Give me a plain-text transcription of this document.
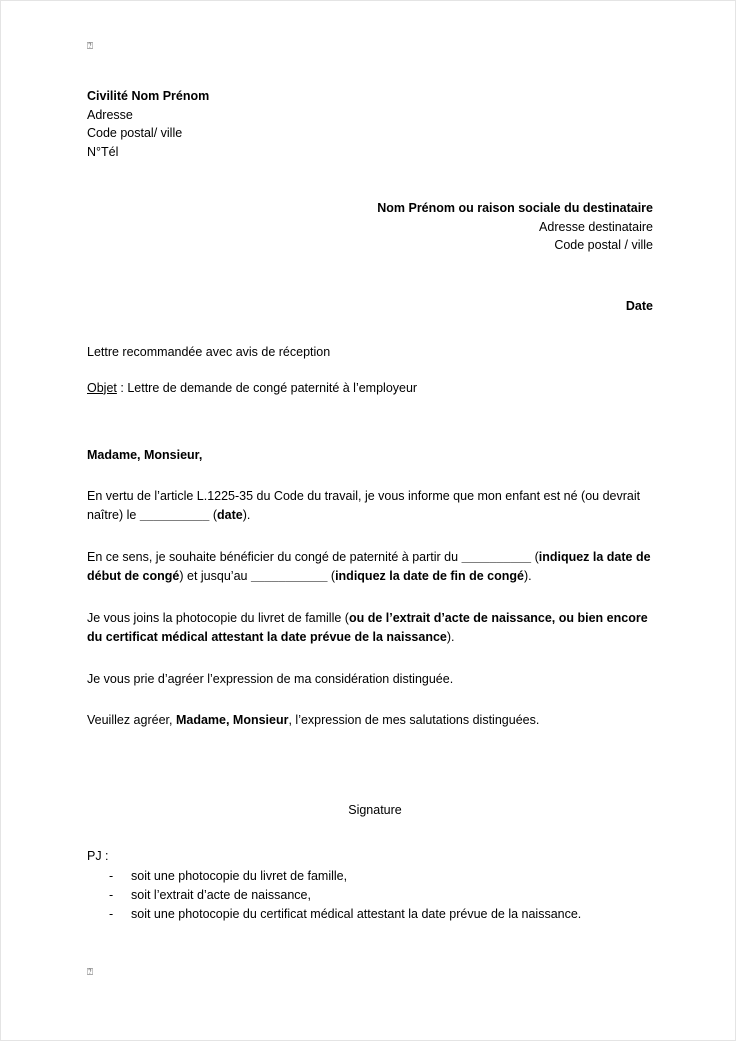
⍰
Civilité Nom Prénom
Adresse
Code postal/ ville
N°Tél
Nom Prénom ou raison sociale du destinataire
Adresse destinataire
Code postal / ville
Date
Lettre recommandée avec avis de réception
Objet : Lettre de demande de congé paternité à l’employeur
Madame, Monsieur,

En vertu de l’article L.1225-35 du Code du travail, je vous informe que mon enfant est né (ou devrait naître) le __________ (date).

En ce sens, je souhaite bénéficier du congé de paternité à partir du __________ (indiquez la date de début de congé) et jusqu’au ___________ (indiquez la date de fin de congé).

Je vous joins la photocopie du livret de famille (ou de l’extrait d’acte de naissance, ou bien encore du certificat médical attestant la date prévue de la naissance).

Je vous prie d’agréer l’expression de ma considération distinguée.

Veuillez agréer, Madame, Monsieur, l’expression de mes salutations distinguées.

Signature
PJ :
- soit une photocopie du livret de famille,
- soit l’extrait d’acte de naissance,
- soit une photocopie du certificat médical attestant la date prévue de la naissance.
⍰
